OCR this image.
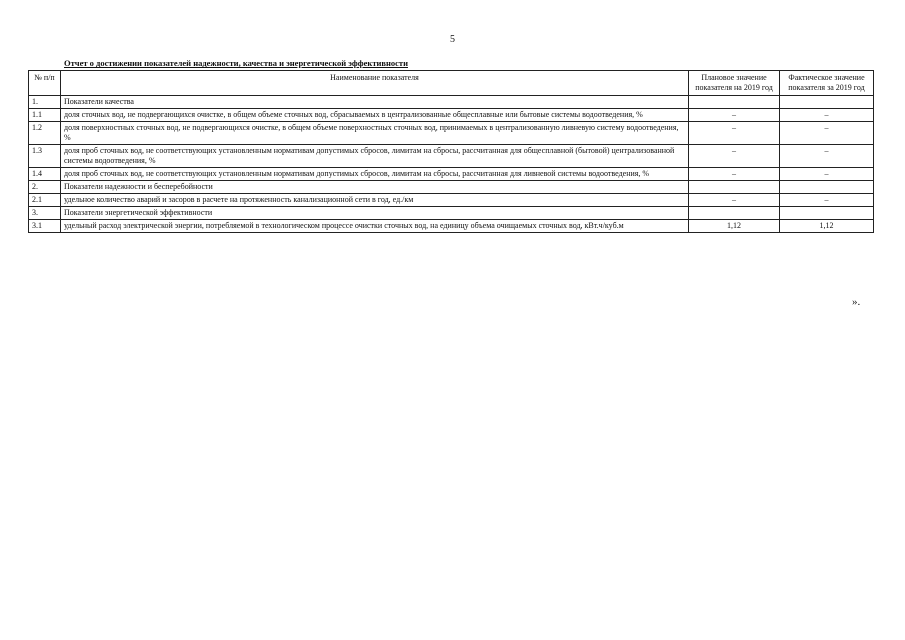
5
Отчет о достижении показателей надежности, качества и энергетической эффективности
№ п/п	Наименование показателя	Плановое значение показателя на 2019 год	Фактическое значение показателя за 2019 год
1.	Показатели качества		
1.1	доля сточных вод, не подвергающихся очистке, в общем объеме сточных вод, сбрасываемых в централизованные общесплавные или бытовые системы водоотведения, %	–	–
1.2	доля поверхностных сточных вод, не подвергающихся очистке, в общем объеме поверхностных сточных вод, принимаемых в централизованную ливневую систему водоотведения, %	–	–
1.3	доля проб сточных вод, не соответствующих установленным нормативам допустимых сбросов, лимитам на сбросы, рассчитанная для общесплавной (бытовой) централизованной системы водоотведения, %	–	–
1.4	доля проб сточных вод, не соответствующих установленным нормативам допустимых сбросов, лимитам на сбросы, рассчитанная для ливневой системы водоотведения, %	–	–
2.	Показатели надежности и бесперебойности		
2.1	удельное количество аварий и засоров в расчете на протяженность канализационной сети в год, ед./км	–	–
3.	Показатели энергетической эффективности		
3.1	удельный расход электрической энергии, потребляемой в технологическом процессе очистки сточных вод, на единицу объема очищаемых сточных вод, кВт.ч/куб.м	1,12	1,12
».
